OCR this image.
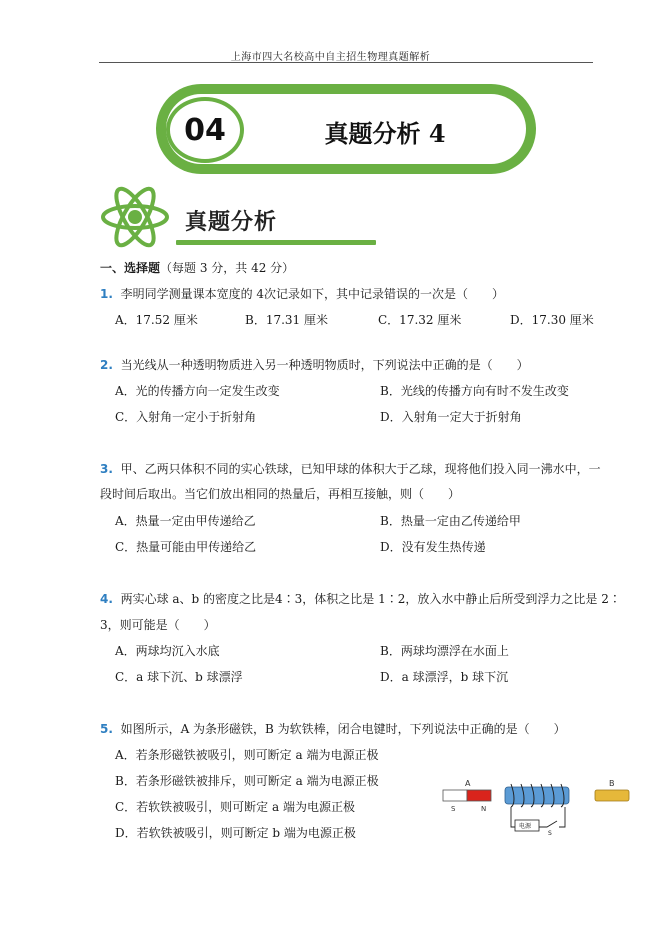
上海市四大名校高中自主招生物理真题解析
04	真题分析 4
真题分析
一、选择题（每题 3 分，共 42 分）
1. 李明同学测量课本宽度的 4次记录如下，其中记录错误的一次是（　　）
A．17.52 厘米	B．17.31 厘米	C．17.32 厘米	D．17.30 厘米
2. 当光线从一种透明物质进入另一种透明物质时，下列说法中正确的是（　　）
A．光的传播方向一定发生改变	B．光线的传播方向有时不发生改变
C．入射角一定小于折射角	D．入射角一定大于折射角
3. 甲、乙两只体积不同的实心铁球，已知甲球的体积大于乙球，现将他们投入同一沸水中，一
段时间后取出。当它们放出相同的热量后，再相互接触，则（　　）
A．热量一定由甲传递给乙	B．热量一定由乙传递给甲
C．热量可能由甲传递给乙	D．没有发生热传递
4. 两实心球 a、b 的密度之比是4∶3，体积之比是 1∶2，放入水中静止后所受到浮力之比是 2∶
3，则可能是（　　）
A．两球均沉入水底	B．两球均漂浮在水面上
C．a 球下沉、b 球漂浮	D．a 球漂浮，b 球下沉
5. 如图所示，A 为条形磁铁，B 为软铁棒，闭合电键时，下列说法中正确的是（　　）
A．若条形磁铁被吸引，则可断定 a 端为电源正极
B．若条形磁铁被排斥，则可断定 a 端为电源正极
C．若软铁被吸引，则可断定 a 端为电源正极
D．若软铁被吸引，则可断定 b 端为电源正极
A
S	N
电源
S
B
